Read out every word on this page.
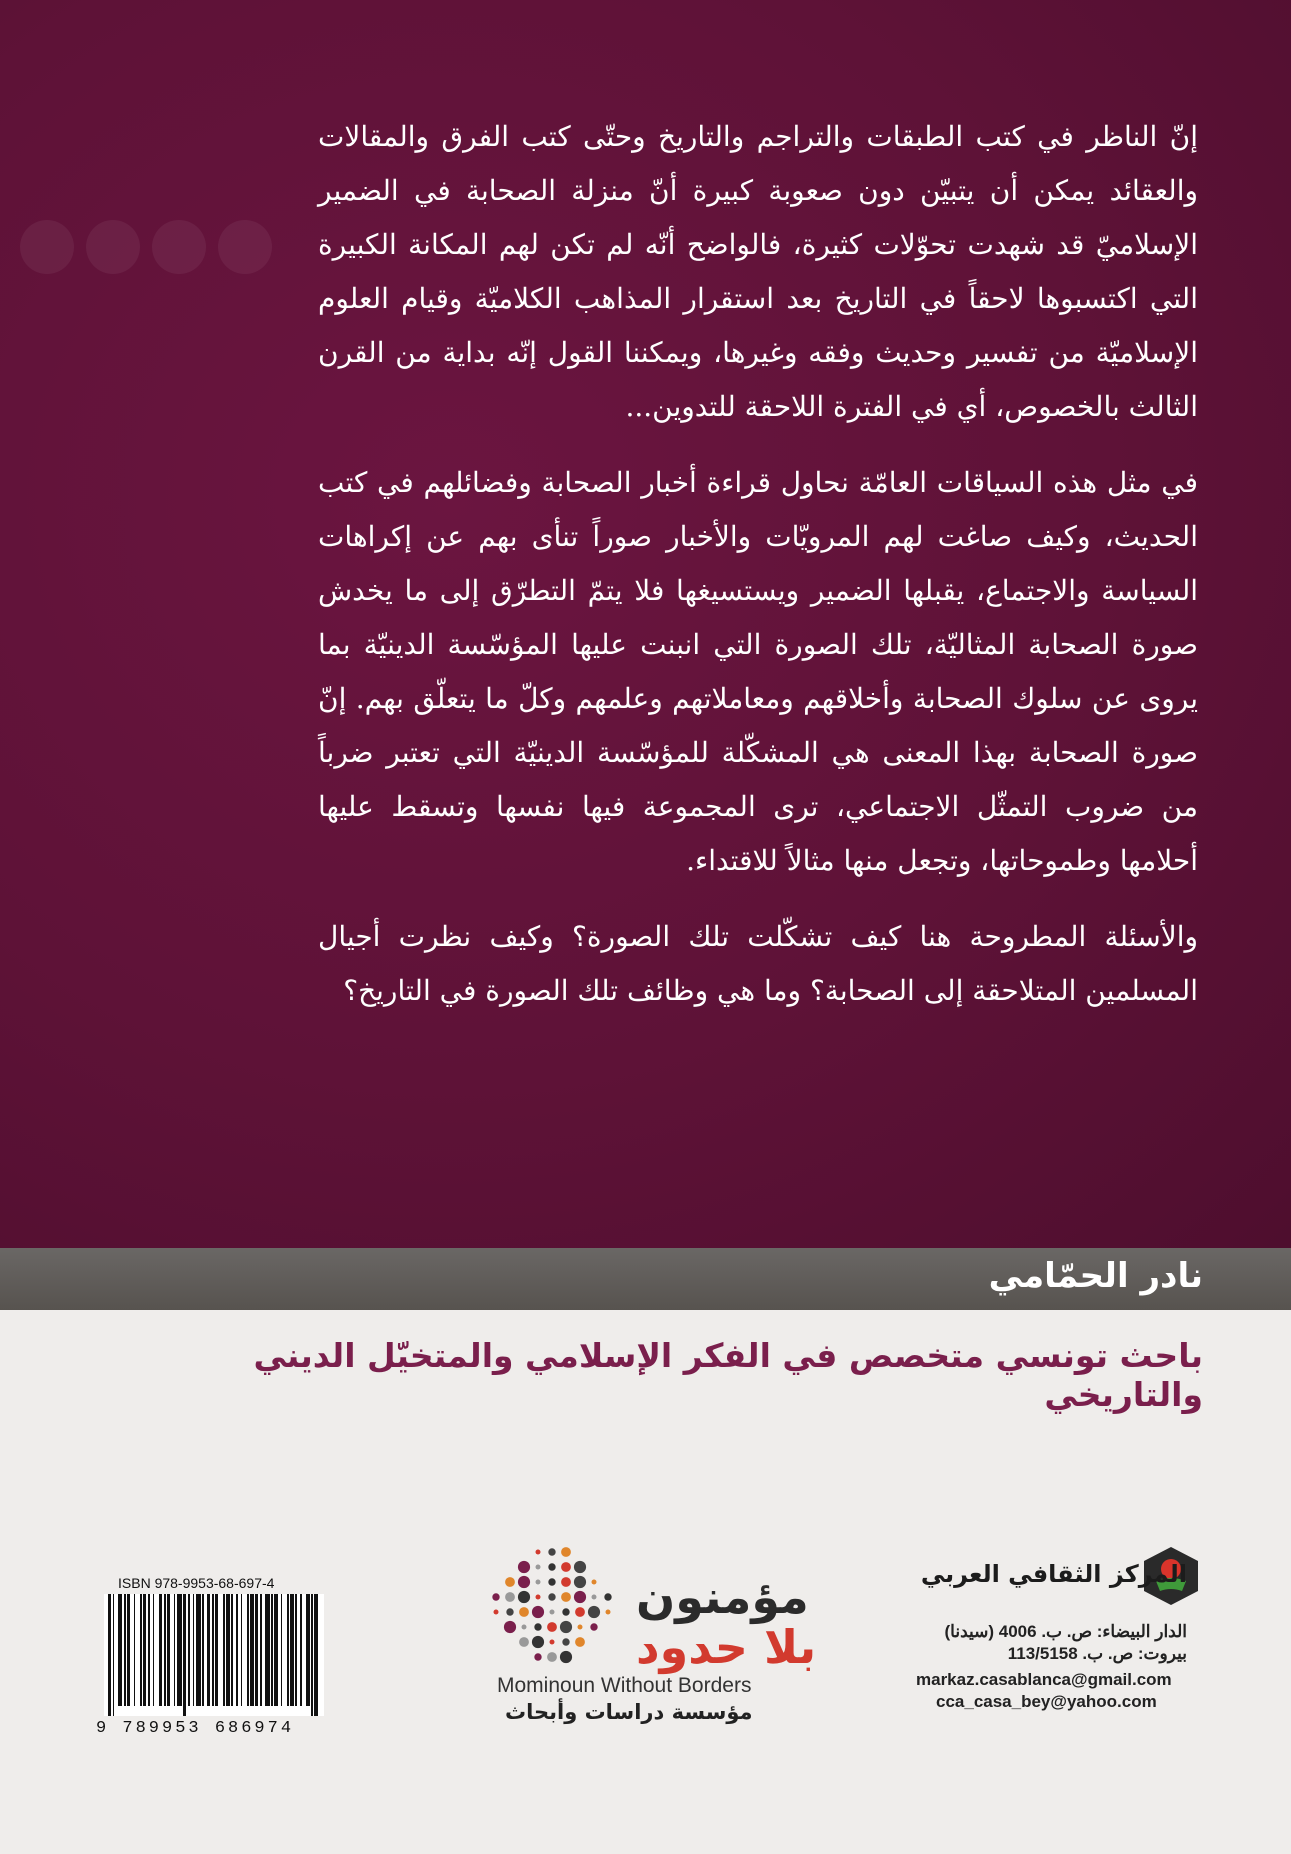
إنّ الناظر في كتب الطبقات والتراجم والتاريخ وحتّى كتب الفرق والمقالات والعقائد يمكن أن يتبيّن دون صعوبة كبيرة أنّ منزلة الصحابة في الضمير الإسلاميّ قد شهدت تحوّلات كثيرة، فالواضح أنّه لم تكن لهم المكانة الكبيرة التي اكتسبوها لاحقاً في التاريخ بعد استقرار المذاهب الكلاميّة وقيام العلوم الإسلاميّة من تفسير وحديث وفقه وغيرها، ويمكننا القول إنّه بداية من القرن الثالث بالخصوص، أي في الفترة اللاحقة للتدوين...

في مثل هذه السياقات العامّة نحاول قراءة أخبار الصحابة وفضائلهم في كتب الحديث، وكيف صاغت لهم المرويّات والأخبار صوراً تنأى بهم عن إكراهات السياسة والاجتماع، يقبلها الضمير ويستسيغها فلا يتمّ التطرّق إلى ما يخدش صورة الصحابة المثاليّة، تلك الصورة التي انبنت عليها المؤسّسة الدينيّة بما يروى عن سلوك الصحابة وأخلاقهم ومعاملاتهم وعلمهم وكلّ ما يتعلّق بهم. إنّ صورة الصحابة بهذا المعنى هي المشكّلة للمؤسّسة الدينيّة التي تعتبر ضرباً من ضروب التمثّل الاجتماعي، ترى المجموعة فيها نفسها وتسقط عليها أحلامها وطموحاتها، وتجعل منها مثالاً للاقتداء.

والأسئلة المطروحة هنا كيف تشكّلت تلك الصورة؟ وكيف نظرت أجيال المسلمين المتلاحقة إلى الصحابة؟ وما هي وظائف تلك الصورة في التاريخ؟

نادر الحمّامي
باحث تونسي متخصص في الفكر الإسلامي والمتخيّل الديني والتاريخي
ISBN 978-9953-68-697-4
9 789953 686974
مؤمنون
بلا حدود
Mominoun Without Borders
مؤسسة دراسات وأبحاث
المركز الثقافي العربي
الدار البيضاء: ص. ب. 4006 (سيدنا)
بيروت: ص. ب. 113/5158
markaz.casablanca@gmail.com
cca_casa_bey@yahoo.com
